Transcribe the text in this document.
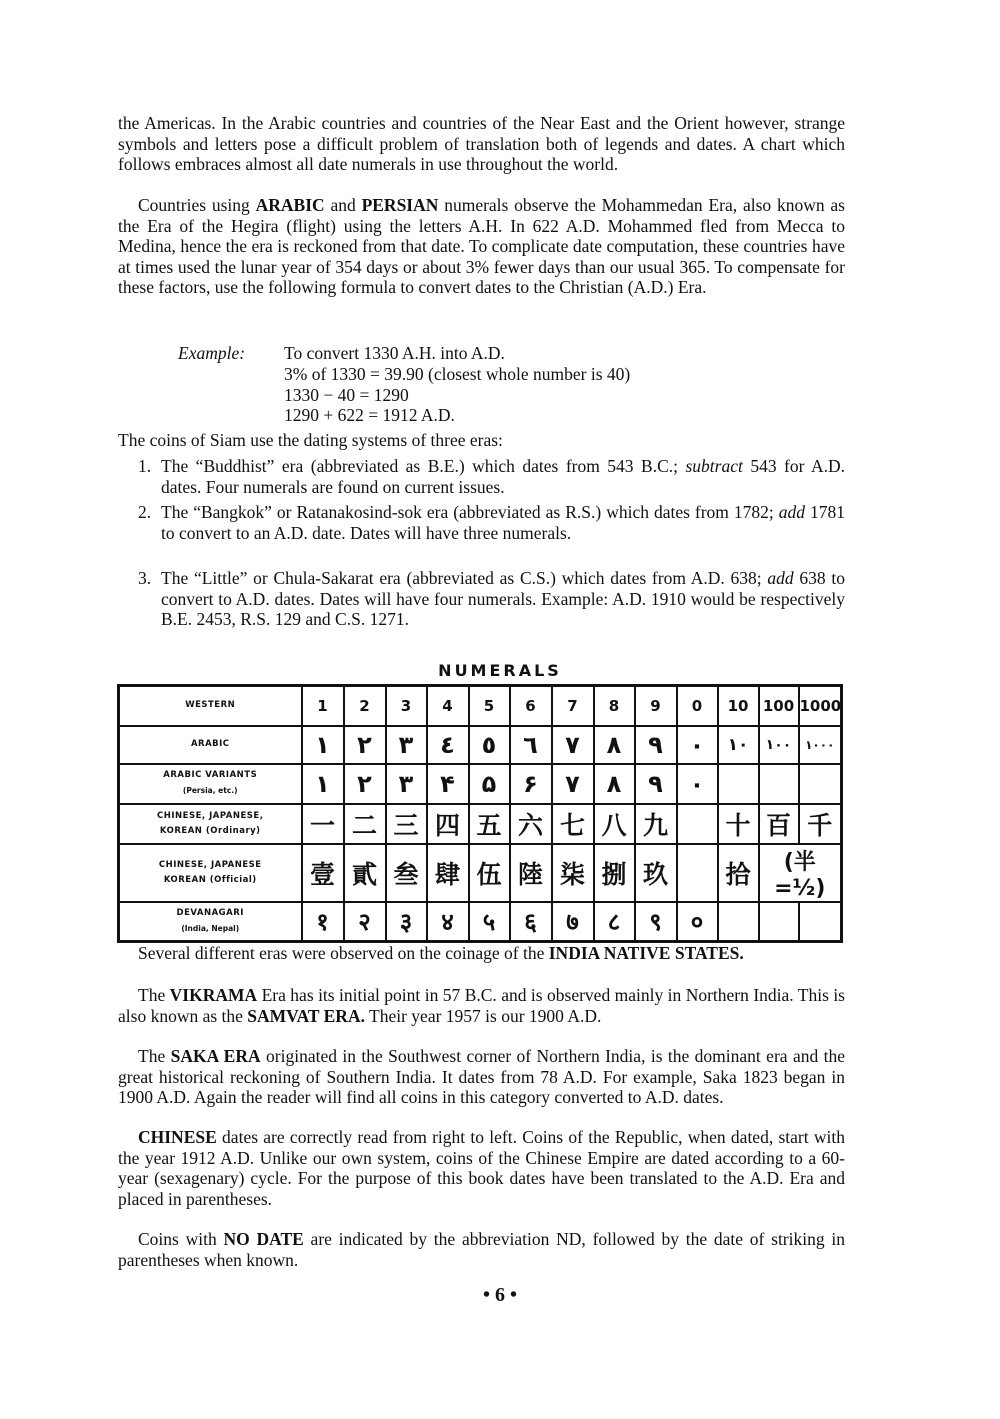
the Americas. In the Arabic countries and countries of the Near East and the Orient however, strange symbols and letters pose a difficult problem of translation both of legends and dates. A chart which follows embraces almost all date numerals in use throughout the world.

Countries using ARABIC and PERSIAN numerals observe the Mohammedan Era, also known as the Era of the Hegira (flight) using the letters A.H. In 622 A.D. Mohammed fled from Mecca to Medina, hence the era is reckoned from that date. To complicate date computation, these countries have at times used the lunar year of 354 days or about 3% fewer days than our usual 365. To compensate for these factors, use the following formula to convert dates to the Christian (A.D.) Era.

Example: To convert 1330 A.H. into A.D.
3% of 1330 = 39.90 (closest whole number is 40)
1330 − 40 = 1290
1290 + 622 = 1912 A.D.

The coins of Siam use the dating systems of three eras:

1. The “Buddhist” era (abbreviated as B.E.) which dates from 543 B.C.; subtract 543 for A.D. dates. Four numerals are found on current issues.
2. The “Bangkok” or Ratanakosind-sok era (abbreviated as R.S.) which dates from 1782; add 1781 to convert to an A.D. date. Dates will have three numerals.
3. The “Little” or Chula-Sakarat era (abbreviated as C.S.) which dates from A.D. 638; add 638 to convert to A.D. dates. Dates will have four numerals. Example: A.D. 1910 would be respectively B.E. 2453, R.S. 129 and C.S. 1271.
NUMERALS
WESTERN	1	2	3	4	5	6	7	8	9	0	10	100	1000
ARABIC	١	٢	٣	٤	٥	٦	٧	٨	٩	٠	١٠	١٠٠	١٠٠٠
ARABIC VARIANTS
(Persia, etc.)	۱	۲	۳	۴	۵	۶	۷	۸	۹	۰			
CHINESE, JAPANESE,
KOREAN (Ordinary)	一	二	三	四	五	六	七	八	九		十	百	千
CHINESE, JAPANESE
KOREAN (Official)	壹	貳	叁	肆	伍	陸	柒	捌	玖		拾	(半=½)	
DEVANAGARI
(India, Nepal)	१	२	३	४	५	६	७	८	९	०			

Several different eras were observed on the coinage of the INDIA NATIVE STATES.

The VIKRAMA Era has its initial point in 57 B.C. and is observed mainly in Northern India. This is also known as the SAMVAT ERA. Their year 1957 is our 1900 A.D.

The SAKA ERA originated in the Southwest corner of Northern India, is the dominant era and the great historical reckoning of Southern India. It dates from 78 A.D. For example, Saka 1823 began in 1900 A.D. Again the reader will find all coins in this category converted to A.D. dates.

CHINESE dates are correctly read from right to left. Coins of the Republic, when dated, start with the year 1912 A.D. Unlike our own system, coins of the Chinese Empire are dated according to a 60-year (sexagenary) cycle. For the purpose of this book dates have been translated to the A.D. Era and placed in parentheses.

Coins with NO DATE are indicated by the abbreviation ND, followed by the date of striking in parentheses when known.

• 6 •
